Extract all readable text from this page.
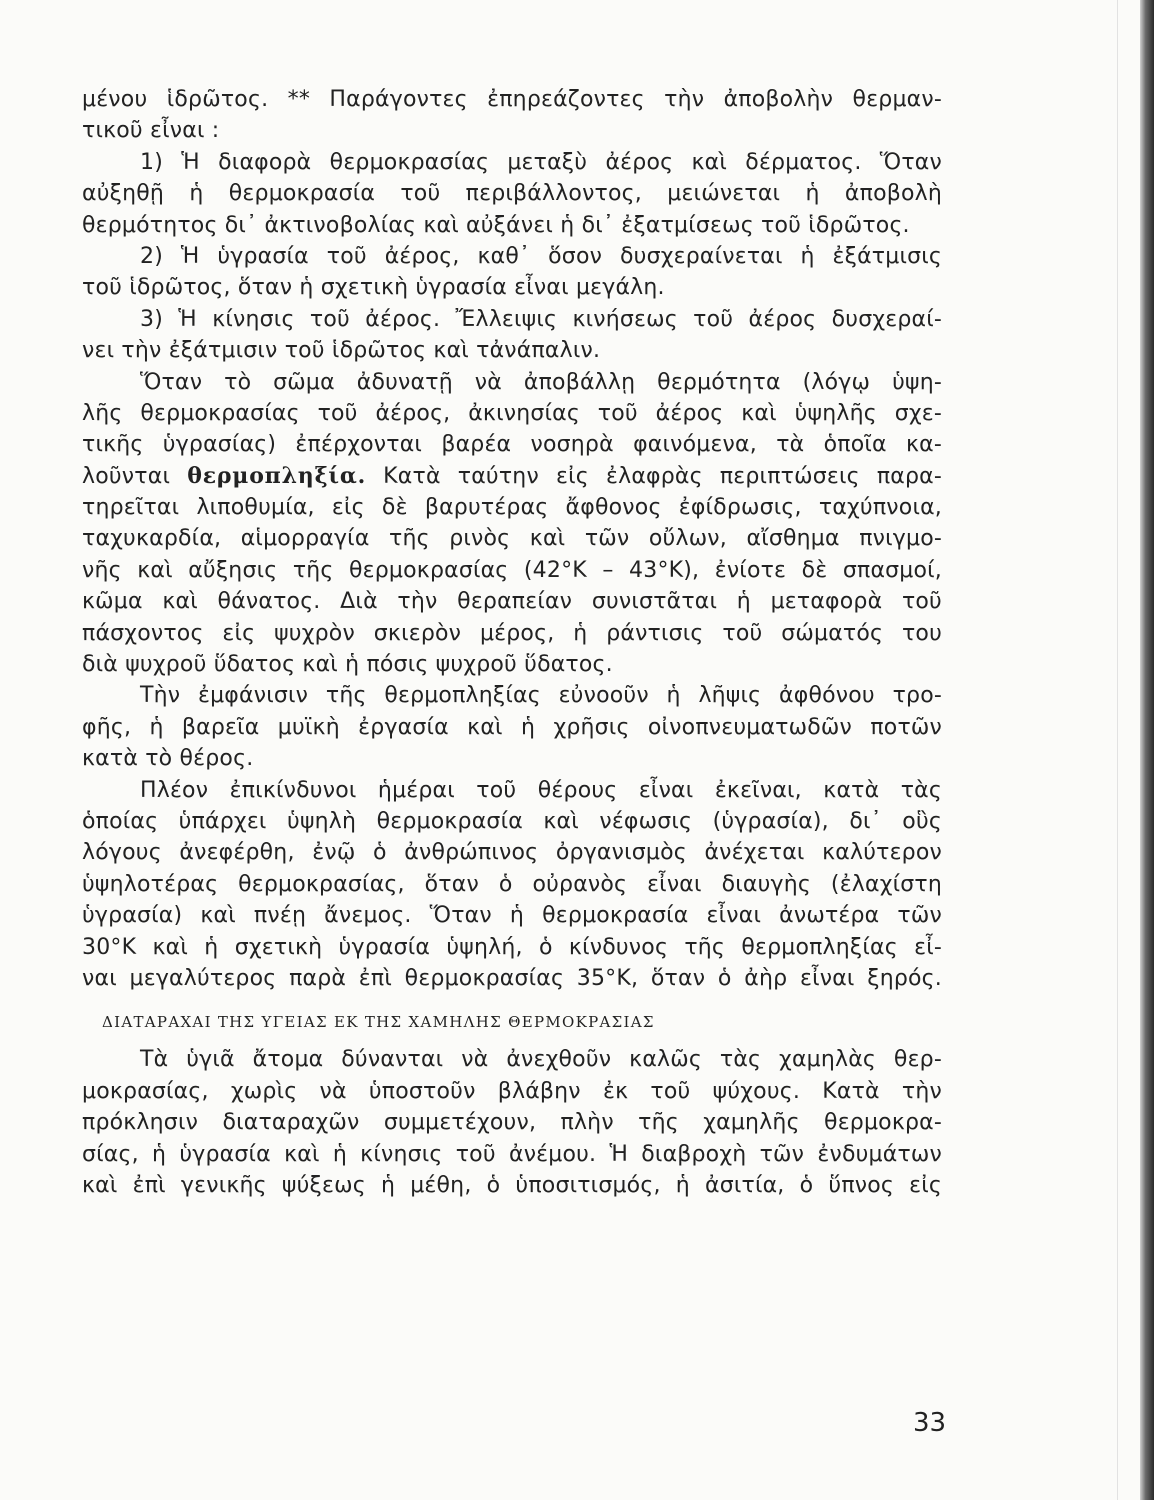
μένου ἱδρῶτος. ** Παράγοντες ἐπηρεάζοντες τὴν ἀποβολὴν θερμαν-
τικοῦ εἶναι :
1) Ἡ διαφορὰ θερμοκρασίας μεταξὺ ἀέρος καὶ δέρματος. Ὅταν
αὐξηθῇ ἡ θερμοκρασία τοῦ περιβάλλοντος, μειώνεται ἡ ἀποβολὴ
θερμότητος δι᾽ ἀκτινοβολίας καὶ αὐξάνει ἡ δι᾽ ἐξατμίσεως τοῦ ἱδρῶτος.
2) Ἡ ὑγρασία τοῦ ἀέρος, καθ᾽ ὅσον δυσχεραίνεται ἡ ἐξάτμισις
τοῦ ἱδρῶτος, ὅταν ἡ σχετικὴ ὑγρασία εἶναι μεγάλη.
3) Ἡ κίνησις τοῦ ἀέρος. Ἔλλειψις κινήσεως τοῦ ἀέρος δυσχεραί-
νει τὴν ἐξάτμισιν τοῦ ἱδρῶτος καὶ τἀνάπαλιν.
Ὅταν τὸ σῶμα ἀδυνατῇ νὰ ἀποβάλλῃ θερμότητα (λόγῳ ὑψη-
λῆς θερμοκρασίας τοῦ ἀέρος, ἀκινησίας τοῦ ἀέρος καὶ ὑψηλῆς σχε-
τικῆς ὑγρασίας) ἐπέρχονται βαρέα νοσηρὰ φαινόμενα, τὰ ὁποῖα κα-
λοῦνται θερμοπληξία. Κατὰ ταύτην εἰς ἐλαφρὰς περιπτώσεις παρα-
τηρεῖται λιποθυμία, εἰς δὲ βαρυτέρας ἄφθονος ἐφίδρωσις, ταχύπνοια,
ταχυκαρδία, αἱμορραγία τῆς ρινὸς καὶ τῶν οὔλων, αἴσθημα πνιγμο-
νῆς καὶ αὔξησις τῆς θερμοκρασίας (42°Κ – 43°Κ), ἐνίοτε δὲ σπασμοί,
κῶμα καὶ θάνατος. Διὰ τὴν θεραπείαν συνιστᾶται ἡ μεταφορὰ τοῦ
πάσχοντος εἰς ψυχρὸν σκιερὸν μέρος, ἡ ράντισις τοῦ σώματός του
διὰ ψυχροῦ ὕδατος καὶ ἡ πόσις ψυχροῦ ὕδατος.
Τὴν ἐμφάνισιν τῆς θερμοπληξίας εὐνοοῦν ἡ λῆψις ἀφθόνου τρο-
φῆς, ἡ βαρεῖα μυϊκὴ ἐργασία καὶ ἡ χρῆσις οἰνοπνευματωδῶν ποτῶν
κατὰ τὸ θέρος.
Πλέον ἐπικίνδυνοι ἡμέραι τοῦ θέρους εἶναι ἐκεῖναι, κατὰ τὰς
ὁποίας ὑπάρχει ὑψηλὴ θερμοκρασία καὶ νέφωσις (ὑγρασία), δι᾽ οὓς
λόγους ἀνεφέρθη, ἐνῷ ὁ ἀνθρώπινος ὀργανισμὸς ἀνέχεται καλύτερον
ὑψηλοτέρας θερμοκρασίας, ὅταν ὁ οὐρανὸς εἶναι διαυγὴς (ἐλαχίστη
ὑγρασία) καὶ πνέῃ ἄνεμος. Ὅταν ἡ θερμοκρασία εἶναι ἀνωτέρα τῶν
30°Κ καὶ ἡ σχετικὴ ὑγρασία ὑψηλή, ὁ κίνδυνος τῆς θερμοπληξίας εἶ-
ναι μεγαλύτερος παρὰ ἐπὶ θερμοκρασίας 35°Κ, ὅταν ὁ ἀὴρ εἶναι ξηρός.
ΔΙΑΤΑΡΑΧΑΙ ΤΗΣ ΥΓΕΙΑΣ ΕΚ ΤΗΣ ΧΑΜΗΛΗΣ ΘΕΡΜΟΚΡΑΣΙΑΣ
Τὰ ὑγιᾶ ἄτομα δύνανται νὰ ἀνεχθοῦν καλῶς τὰς χαμηλὰς θερ-
μοκρασίας, χωρὶς νὰ ὑποστοῦν βλάβην ἐκ τοῦ ψύχους. Κατὰ τὴν
πρόκλησιν διαταραχῶν συμμετέχουν, πλὴν τῆς χαμηλῆς θερμοκρα-
σίας, ἡ ὑγρασία καὶ ἡ κίνησις τοῦ ἀνέμου. Ἡ διαβροχὴ τῶν ἐνδυμάτων
καὶ ἐπὶ γενικῆς ψύξεως ἡ μέθη, ὁ ὑποσιτισμός, ἡ ἀσιτία, ὁ ὕπνος εἰς
33
